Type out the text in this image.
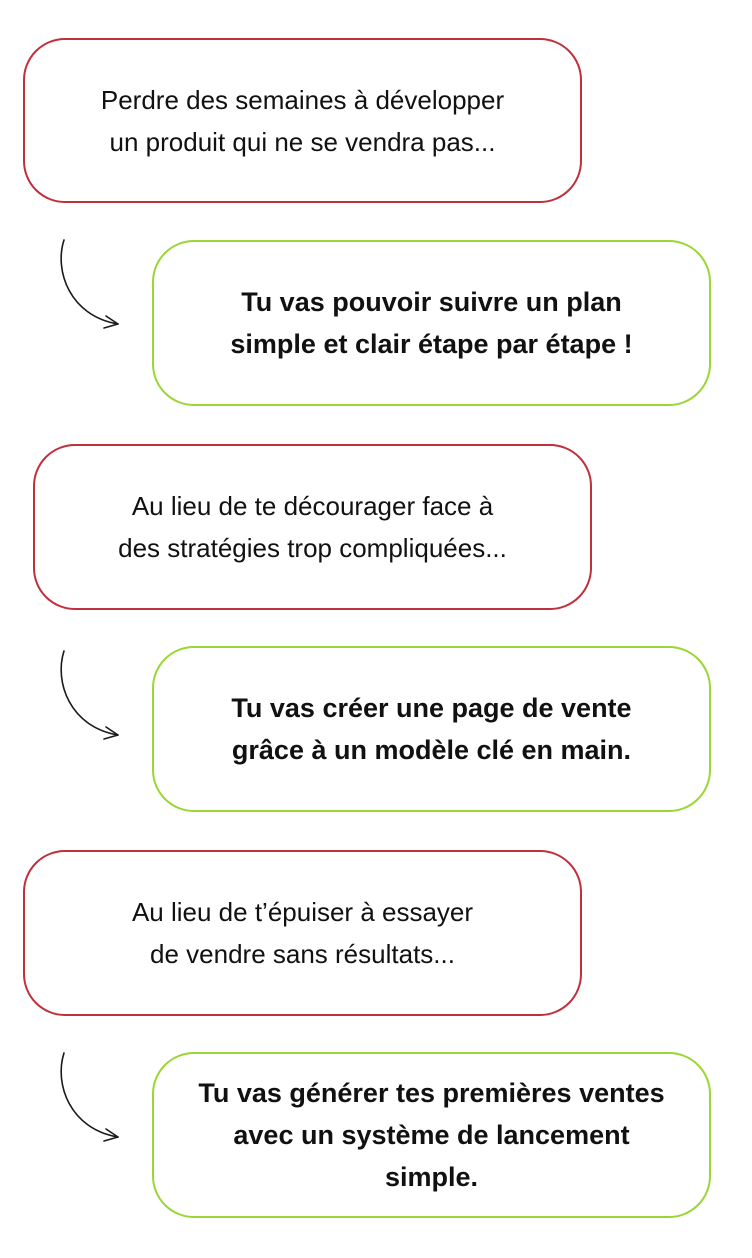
Perdre des semaines à développer
un produit qui ne se vendra pas...
Tu vas pouvoir suivre un plan
simple et clair étape par étape !
Au lieu de te décourager face à
des stratégies trop compliquées...
Tu vas créer une page de vente
grâce à un modèle clé en main.
Au lieu de t’épuiser à essayer
de vendre sans résultats...
Tu vas générer tes premières ventes
avec un système de lancement
simple.
